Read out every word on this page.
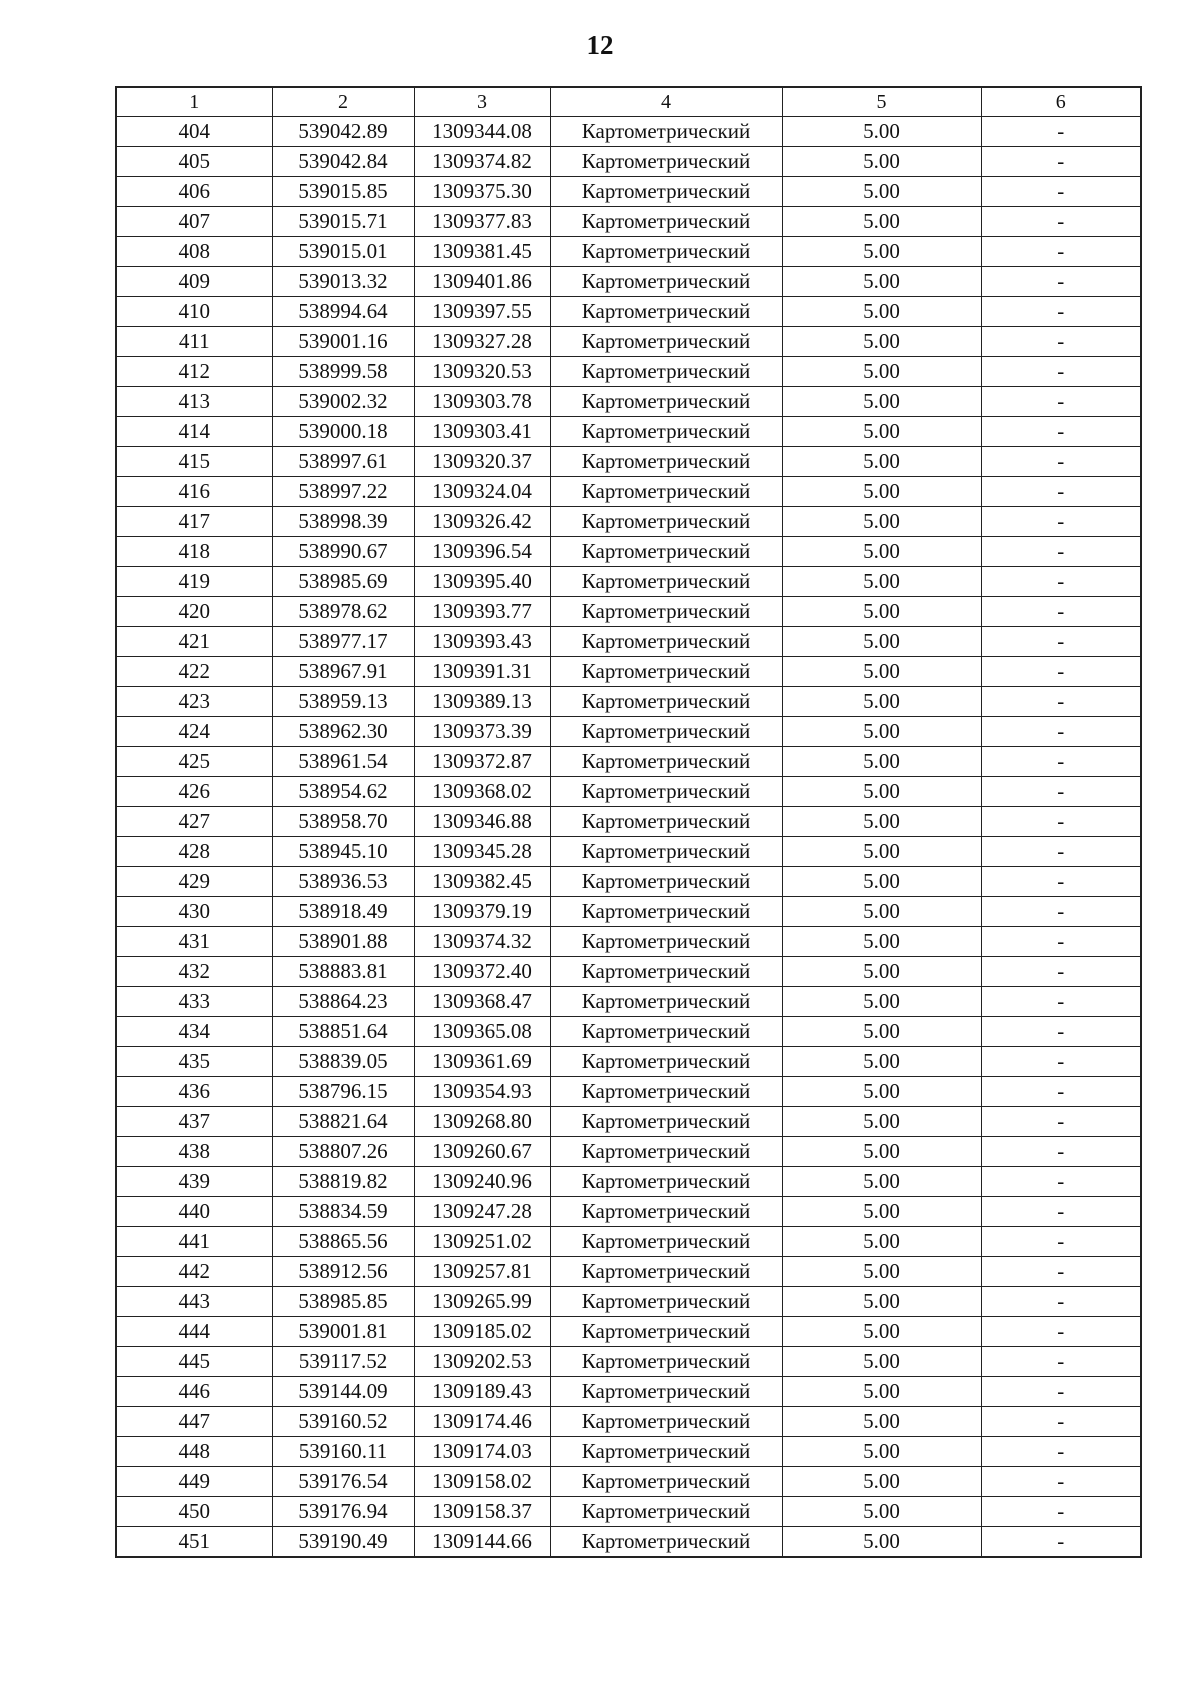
12
1	2	3	4	5	6
404	539042.89	1309344.08	Картометрический	5.00	-
405	539042.84	1309374.82	Картометрический	5.00	-
406	539015.85	1309375.30	Картометрический	5.00	-
407	539015.71	1309377.83	Картометрический	5.00	-
408	539015.01	1309381.45	Картометрический	5.00	-
409	539013.32	1309401.86	Картометрический	5.00	-
410	538994.64	1309397.55	Картометрический	5.00	-
411	539001.16	1309327.28	Картометрический	5.00	-
412	538999.58	1309320.53	Картометрический	5.00	-
413	539002.32	1309303.78	Картометрический	5.00	-
414	539000.18	1309303.41	Картометрический	5.00	-
415	538997.61	1309320.37	Картометрический	5.00	-
416	538997.22	1309324.04	Картометрический	5.00	-
417	538998.39	1309326.42	Картометрический	5.00	-
418	538990.67	1309396.54	Картометрический	5.00	-
419	538985.69	1309395.40	Картометрический	5.00	-
420	538978.62	1309393.77	Картометрический	5.00	-
421	538977.17	1309393.43	Картометрический	5.00	-
422	538967.91	1309391.31	Картометрический	5.00	-
423	538959.13	1309389.13	Картометрический	5.00	-
424	538962.30	1309373.39	Картометрический	5.00	-
425	538961.54	1309372.87	Картометрический	5.00	-
426	538954.62	1309368.02	Картометрический	5.00	-
427	538958.70	1309346.88	Картометрический	5.00	-
428	538945.10	1309345.28	Картометрический	5.00	-
429	538936.53	1309382.45	Картометрический	5.00	-
430	538918.49	1309379.19	Картометрический	5.00	-
431	538901.88	1309374.32	Картометрический	5.00	-
432	538883.81	1309372.40	Картометрический	5.00	-
433	538864.23	1309368.47	Картометрический	5.00	-
434	538851.64	1309365.08	Картометрический	5.00	-
435	538839.05	1309361.69	Картометрический	5.00	-
436	538796.15	1309354.93	Картометрический	5.00	-
437	538821.64	1309268.80	Картометрический	5.00	-
438	538807.26	1309260.67	Картометрический	5.00	-
439	538819.82	1309240.96	Картометрический	5.00	-
440	538834.59	1309247.28	Картометрический	5.00	-
441	538865.56	1309251.02	Картометрический	5.00	-
442	538912.56	1309257.81	Картометрический	5.00	-
443	538985.85	1309265.99	Картометрический	5.00	-
444	539001.81	1309185.02	Картометрический	5.00	-
445	539117.52	1309202.53	Картометрический	5.00	-
446	539144.09	1309189.43	Картометрический	5.00	-
447	539160.52	1309174.46	Картометрический	5.00	-
448	539160.11	1309174.03	Картометрический	5.00	-
449	539176.54	1309158.02	Картометрический	5.00	-
450	539176.94	1309158.37	Картометрический	5.00	-
451	539190.49	1309144.66	Картометрический	5.00	-
